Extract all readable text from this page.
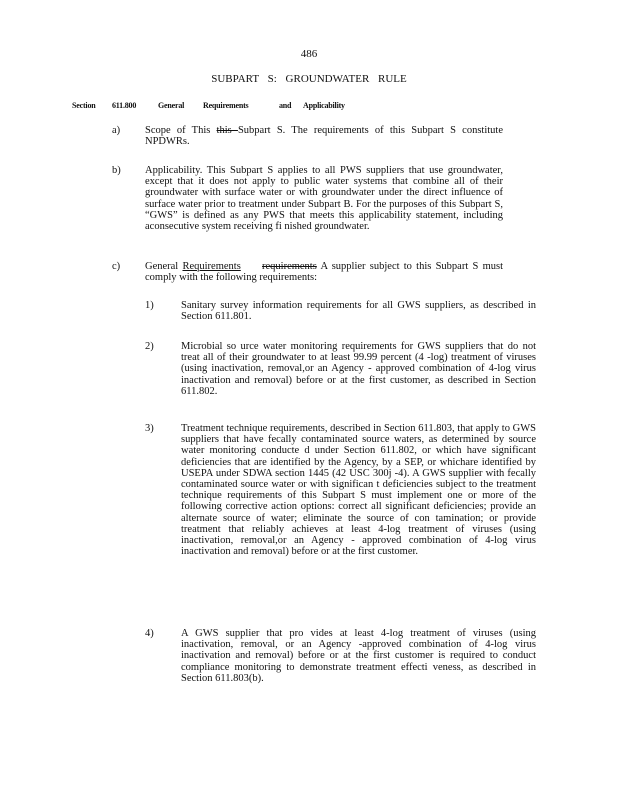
486
SUBPART S: GROUNDWATER RULE
Section 611.800	General Requirements	and Applicability
a) Scope of This this Subpart S. The requirements of this Subpart S constitute NPDWRs.
b) Applicability. This Subpart S applies to all PWS suppliers that use groundwater, except that it does not apply to public water systems that combine all of their groundwater with surface water or with groundwater under the direct influence of surface water prior to treatment under Subpart B. For the purposes of this Subpart S, “GWS” is defined as any PWS that meets this applicability statement, including aconsecutive system receiving fi nished groundwater.
c) General Requirements requirements A supplier subject to this Subpart S must comply with the following requirements:
1)	Sanitary survey information requirements for all GWS suppliers, as described in Section 611.801.
2)	Microbial so urce water monitoring requirements for GWS suppliers that do not treat all of their groundwater to at least 99.99 percent (4 -log) treatment of viruses (using inactivation, removal,or an Agency - approved combination of 4-log virus inactivation and removal) before or at the first customer, as described in Section 611.802.
3)	Treatment technique requirements, described in Section 611.803, that apply to GWS suppliers that have fecally contaminated source waters, as determined by source water monitoring conducte d under Section 611.802, or which have significant deficiencies that are identified by the Agency, by a SEP, or whichare identified by USEPA under SDWA section 1445 (42 USC 300j -4). A GWS supplier with fecally contaminated source water or with significan t deficiencies subject to the treatment technique requirements of this Subpart S must implement one or more of the following corrective action options: correct all significant deficiencies; provide an alternate source of water; eliminate the source of con tamination; or provide treatment that reliably achieves at least 4-log treatment of viruses (using inactivation, removal,or an Agency - approved combination of 4-log virus inactivation and removal) before or at the first customer.
4)	A GWS supplier that pro vides at least 4-log treatment of viruses (using inactivation, removal, or an Agency -approved combination of 4-log virus inactivation and removal) before or at the first customer is required to conduct compliance monitoring to demonstrate treatment effecti veness, as described in Section 611.803(b).
